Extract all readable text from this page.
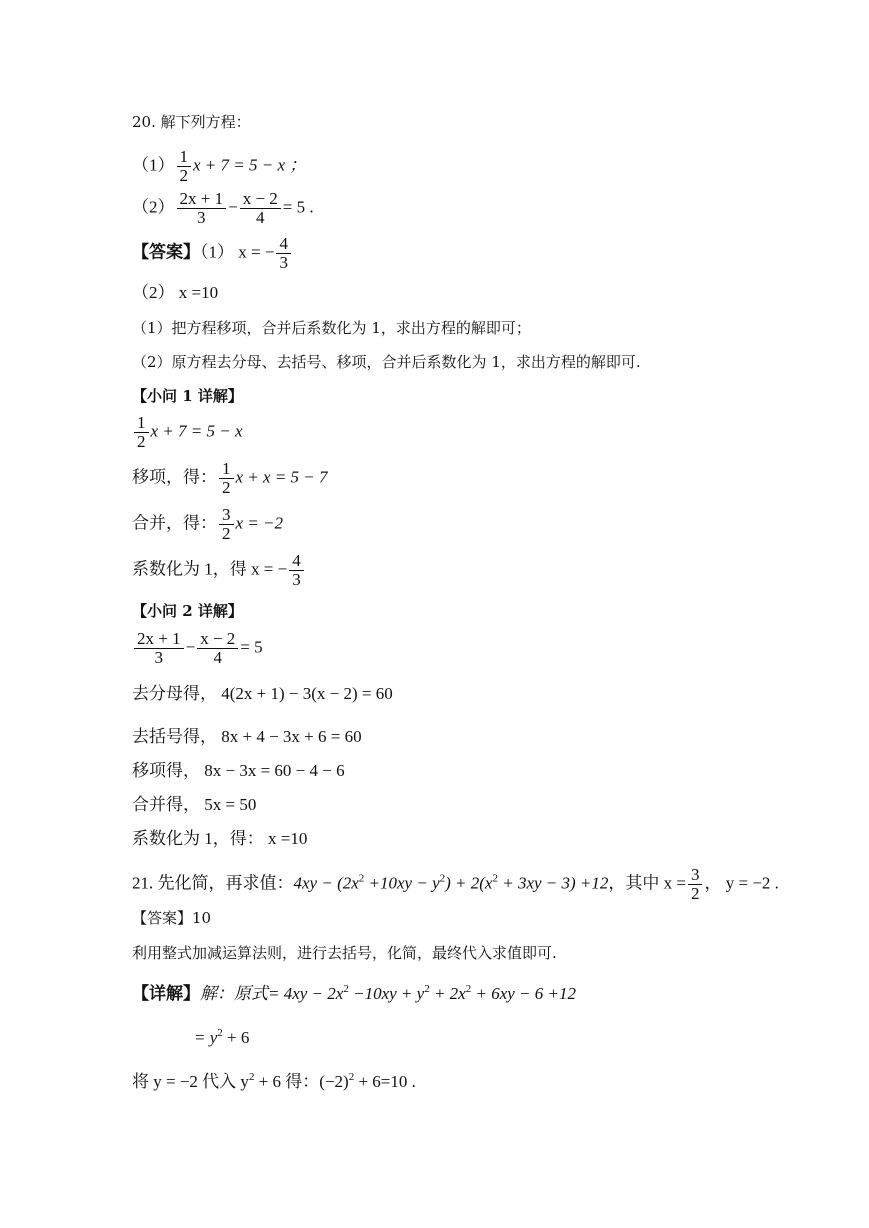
20. 解下列方程：
$(1) \frac{1}{2}$ x + 7 = 5 − x ；
$(2) \frac{2x + 1}{3} - \frac{x - 2}{4} = 5$ .
【答案】（1） x = − $\frac{4}{3}$
（2） x =10
（1）把方程移项，合并后系数化为 1，求出方程的解即可；
（2）原方程去分母、去括号、移项，合并后系数化为 1，求出方程的解即可.
【小问 1 详解】
$\frac{1}{2}$ x + 7 = 5 − x
移项，得： $\frac{1}{2}$ x + x = 5 − 7
合并，得： $\frac{3}{2}$ x = −2
系数化为 1，得 x = − $\frac{4}{3}$
【小问 2 详解】
$\frac{2x + 1}{3} - \frac{x - 2}{4} = 5$
去分母得， 4(2x + 1) − 3(x − 2) = 60
去括号得， 8x + 4 − 3x + 6 = 60
移项得， 8x − 3x = 60 − 4 − 6
合并得， 5x = 50
系数化为 1，得： x =10
21. 先化简，再求值：$4xy - (2x^2 +10xy - y^2) + 2(x^2 + 3xy - 3) +12$，其中 $x = \frac{3}{2}$ ， y = −2 .
【答案】10
利用整式加减运算法则，进行去括号，化简，最终代入求值即可.
【详解】解：原式= $4xy - 2x^2 -10xy + y^2 + 2x^2 + 6xy - 6 +12$
= $y^2 + 6$
将 y = −2 代入 $y^2 + 6$ 得：$(-2)^2 + 6=10$ .
